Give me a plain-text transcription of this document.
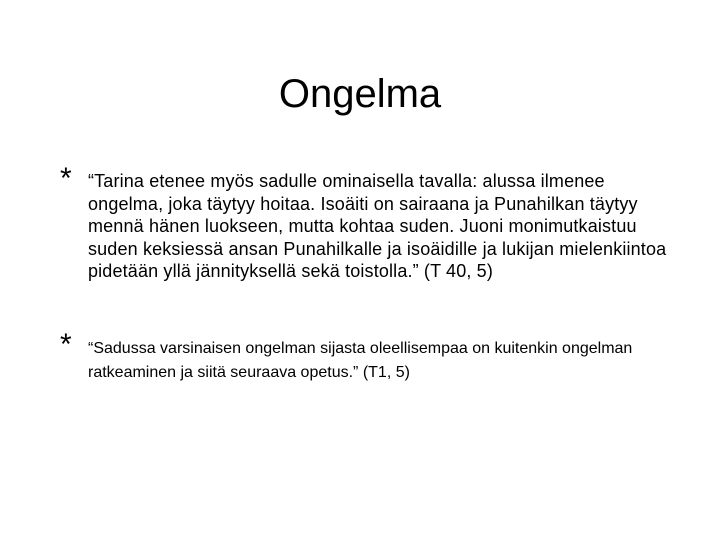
Ongelma
* “Tarina etenee myös sadulle ominaisella tavalla: alussa ilmenee ongelma, joka täytyy hoitaa. Isoäiti on sairaana ja Punahilkan täytyy mennä hänen luokseen, mutta kohtaa suden. Juoni monimutkaistuu suden keksiessä ansan Punahilkalle ja isoäidille ja lukijan mielenkiintoa pidetään yllä jännityksellä sekä toistolla.” (T 40, 5)
*	“Sadussa varsinaisen ongelman sijasta oleellisempaa on kuitenkin ongelman ratkeaminen ja siitä seuraava opetus.” (T1, 5)
